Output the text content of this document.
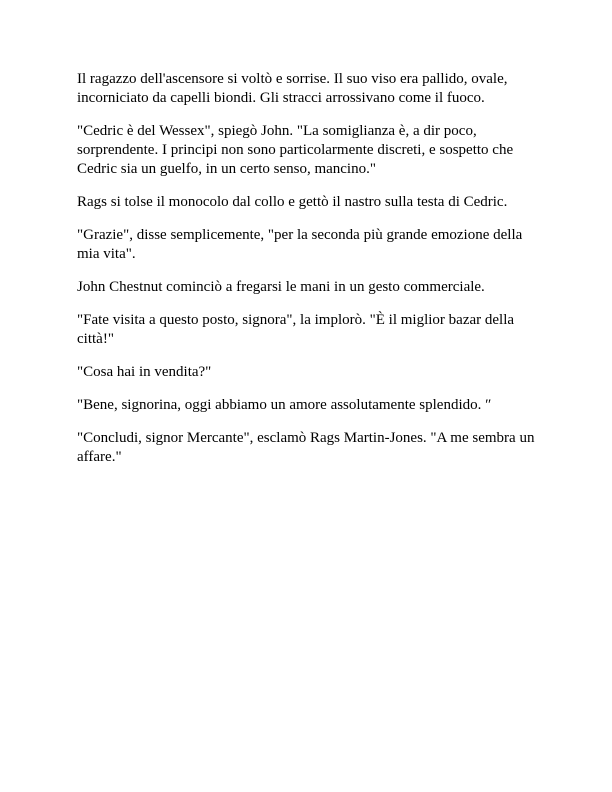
Il ragazzo dell'ascensore si voltò e sorrise. Il suo viso era pallido, ovale, incorniciato da capelli biondi. Gli stracci arrossivano come il fuoco.

"Cedric è del Wessex", spiegò John. "La somiglianza è, a dir poco, sorprendente. I principi non sono particolarmente discreti, e sospetto che Cedric sia un guelfo, in un certo senso, mancino."

Rags si tolse il monocolo dal collo e gettò il nastro sulla testa di Cedric.

"Grazie", disse semplicemente, "per la seconda più grande emozione della mia vita".

John Chestnut cominciò a fregarsi le mani in un gesto commerciale.

"Fate visita a questo posto, signora", la implorò. "È il miglior bazar della città!"

"Cosa hai in vendita?"

"Bene, signorina, oggi abbiamo un amore assolutamente splendido. ″

"Concludi, signor Mercante", esclamò Rags Martin-Jones. "A me sembra un affare."
